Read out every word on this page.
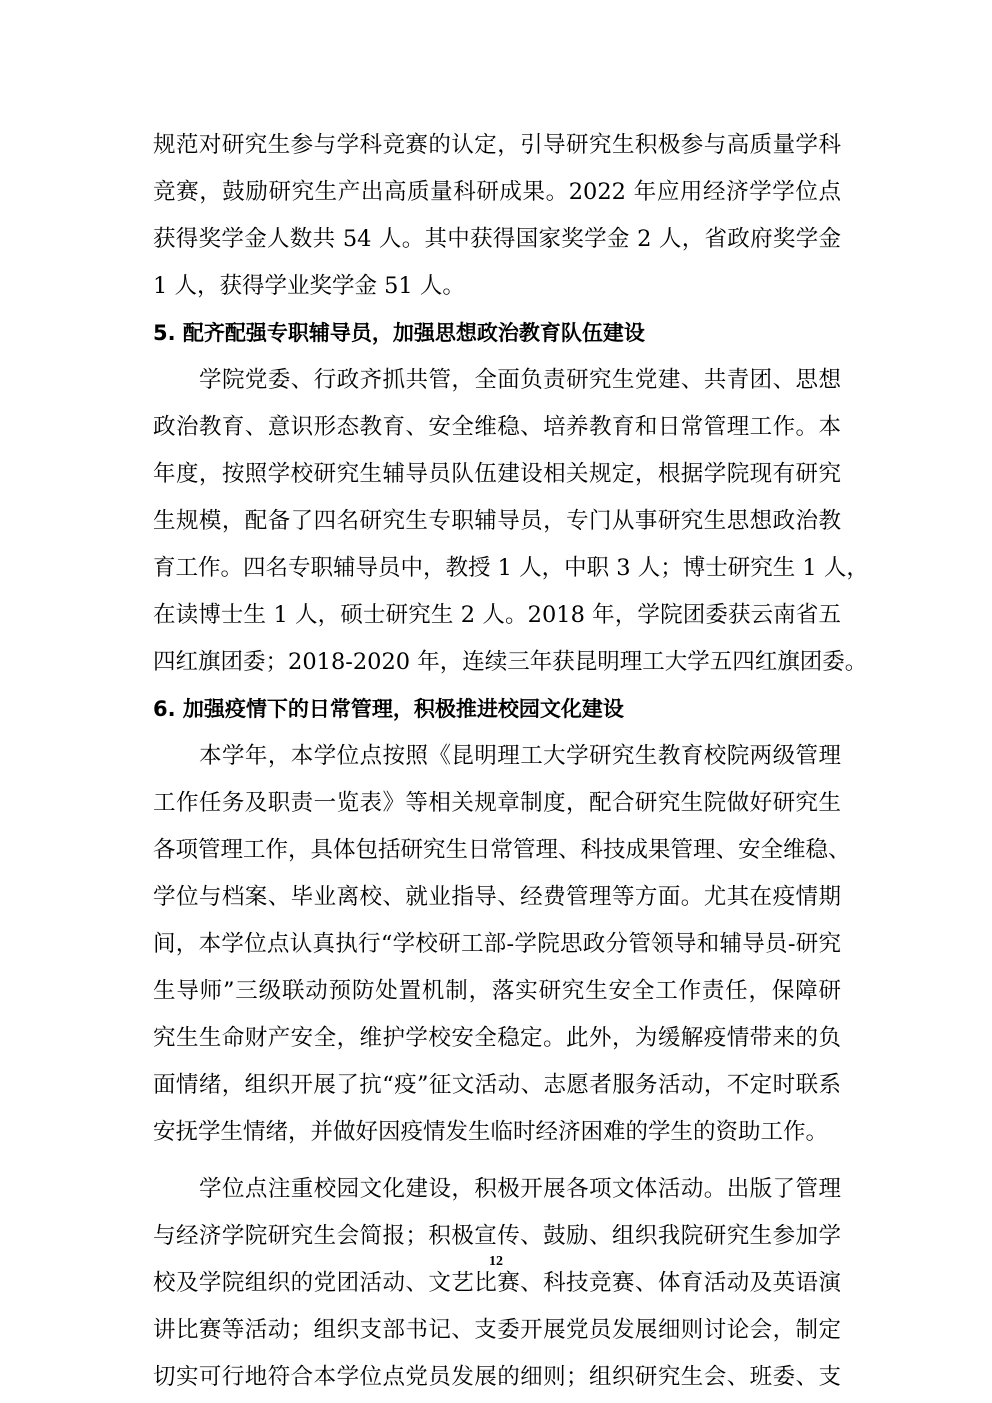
规范对研究生参与学科竞赛的认定，引导研究生积极参与高质量学科
竞赛，鼓励研究生产出高质量科研成果。2022 年应用经济学学位点
获得奖学金人数共 54 人。其中获得国家奖学金 2 人，省政府奖学金
1 人，获得学业奖学金 51 人。
5. 配齐配强专职辅导员，加强思想政治教育队伍建设
学院党委、行政齐抓共管，全面负责研究生党建、共青团、思想
政治教育、意识形态教育、安全维稳、培养教育和日常管理工作。本
年度，按照学校研究生辅导员队伍建设相关规定，根据学院现有研究
生规模，配备了四名研究生专职辅导员，专门从事研究生思想政治教
育工作。四名专职辅导员中，教授 1 人，中职 3 人；博士研究生 1 人，
在读博士生 1 人，硕士研究生 2 人。2018 年，学院团委获云南省五
四红旗团委；2018-2020 年，连续三年获昆明理工大学五四红旗团委。
6. 加强疫情下的日常管理，积极推进校园文化建设
本学年，本学位点按照《昆明理工大学研究生教育校院两级管理
工作任务及职责一览表》等相关规章制度，配合研究生院做好研究生
各项管理工作，具体包括研究生日常管理、科技成果管理、安全维稳、
学位与档案、毕业离校、就业指导、经费管理等方面。尤其在疫情期
间，本学位点认真执行“学校研工部-学院思政分管领导和辅导员-研究
生导师”三级联动预防处置机制，落实研究生安全工作责任，保障研
究生生命财产安全，维护学校安全稳定。此外，为缓解疫情带来的负
面情绪，组织开展了抗“疫”征文活动、志愿者服务活动，不定时联系
安抚学生情绪，并做好因疫情发生临时经济困难的学生的资助工作。
学位点注重校园文化建设，积极开展各项文体活动。出版了管理
与经济学院研究生会简报；积极宣传、鼓励、组织我院研究生参加学
校及学院组织的党团活动、文艺比赛、科技竞赛、体育活动及英语演
讲比赛等活动；组织支部书记、支委开展党员发展细则讨论会，制定
切实可行地符合本学位点党员发展的细则；组织研究生会、班委、支
12
